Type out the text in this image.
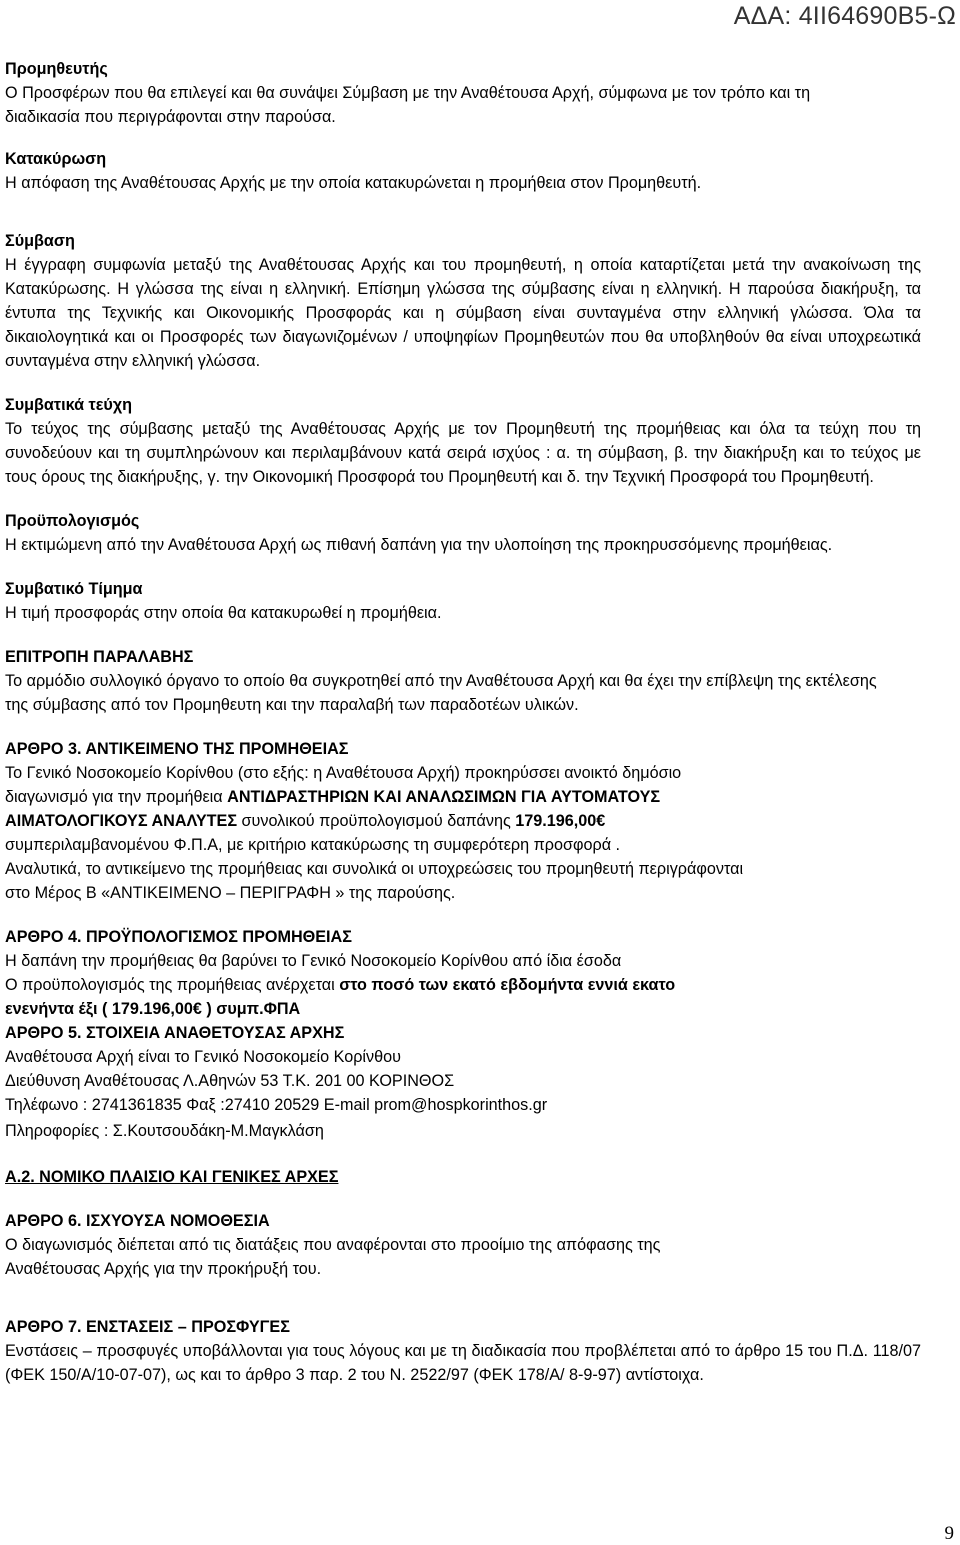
ΑΔΑ: 4ΙΙ64690Β5-Ω

Προμηθευτής

Ο Προσφέρων που θα επιλεγεί και θα συνάψει Σύμβαση με την Αναθέτουσα Αρχή, σύμφωνα με τον τρόπο και τη διαδικασία που περιγράφονται στην παρούσα.

Κατακύρωση

Η απόφαση της Αναθέτουσας Αρχής με την οποία κατακυρώνεται η προμήθεια στον Προμηθευτή.

Σύμβαση

Η έγγραφη συμφωνία μεταξύ της Αναθέτουσας Αρχής και του προμηθευτή, η οποία καταρτίζεται μετά την ανακοίνωση της Κατακύρωσης. Η γλώσσα της είναι η ελληνική. Επίσημη γλώσσα της σύμβασης είναι η ελληνική. Η παρούσα διακήρυξη, τα έντυπα της Τεχνικής και Οικονομικής Προσφοράς και η σύμβαση είναι συνταγμένα στην ελληνική γλώσσα. Όλα τα δικαιολογητικά και οι Προσφορές των διαγωνιζομένων / υποψηφίων Προμηθευτών που θα υποβληθούν θα είναι υποχρεωτικά συνταγμένα στην ελληνική γλώσσα.

Συμβατικά τεύχη

Το τεύχος της σύμβασης μεταξύ της Αναθέτουσας Αρχής με τον Προμηθευτή της προμήθειας και όλα τα τεύχη που τη συνοδεύουν και τη συμπληρώνουν και περιλαμβάνουν κατά σειρά ισχύος : α. τη σύμβαση, β. την διακήρυξη και το τεύχος με τους όρους της διακήρυξης, γ. την Οικονομική Προσφορά του Προμηθευτή και δ. την Τεχνική Προσφορά του Προμηθευτή.

Προϋπολογισμός

Η εκτιμώμενη από την Αναθέτουσα Αρχή ως πιθανή δαπάνη για την υλοποίηση της προκηρυσσόμενης προμήθειας.

Συμβατικό Τίμημα

Η τιμή προσφοράς στην οποία θα κατακυρωθεί η προμήθεια.

ΕΠΙΤΡΟΠΗ ΠΑΡΑΛΑΒΗΣ

Το αρμόδιο συλλογικό όργανο το οποίο θα συγκροτηθεί από την Αναθέτουσα Αρχή και θα έχει την επίβλεψη της εκτέλεσης της σύμβασης από τον Προμηθευτη και την παραλαβή των παραδοτέων υλικών.

ΑΡΘΡΟ 3. ΑΝΤΙΚΕΙΜΕΝΟ ΤΗΣ ΠΡΟΜΗΘΕΙΑΣ

Το Γενικό Νοσοκομείο Κορίνθου (στο εξής: η Αναθέτουσα Αρχή) προκηρύσσει ανοικτό δημόσιο

διαγωνισμό για την προμήθεια ΑΝΤΙΔΡΑΣΤΗΡΙΩΝ ΚΑΙ ΑΝΑΛΩΣΙΜΩΝ ΓΙΑ ΑΥΤΟΜΑΤΟΥΣ

ΑΙΜΑΤΟΛΟΓΙΚΟΥΣ ΑΝΑΛΥΤΕΣ συνολικού προϋπολογισμού δαπάνης 179.196,00€

συμπεριλαμβανομένου Φ.Π.Α, με κριτήριο κατακύρωσης τη συμφερότερη προσφορά .

Αναλυτικά, το αντικείμενο της προμήθειας και συνολικά οι υποχρεώσεις του προμηθευτή περιγράφονται

στο Μέρος Β «ΑΝΤΙΚΕΙΜΕΝΟ – ΠΕΡΙΓΡΑΦΗ » της παρούσης.

ΑΡΘΡΟ 4. ΠΡΟΫΠΟΛΟΓΙΣΜΟΣ ΠΡΟΜΗΘΕΙΑΣ

Η δαπάνη την προμήθειας θα βαρύνει το Γενικό Νοσοκομείο Κορίνθου από ίδια έσοδα

Ο προϋπολογισμός της προμήθειας ανέρχεται στο ποσό των εκατό εβδομήντα εννιά εκατο

ενενήντα έξι ( 179.196,00€ ) συμπ.ΦΠΑ

ΑΡΘΡΟ 5. ΣΤΟΙΧΕΙΑ ΑΝΑΘΕΤΟΥΣΑΣ ΑΡΧΗΣ

Αναθέτουσα Αρχή είναι το Γενικό Νοσοκομείο Κορίνθου

Διεύθυνση Αναθέτουσας Λ.Αθηνών 53 Τ.Κ. 201 00 ΚΟΡΙΝΘΟΣ

Τηλέφωνο : 2741361835 Φαξ :27410 20529 E-mail prom@hospkorinthos.gr

Πληροφορίες : Σ.Κουτσουδάκη-Μ.Μαγκλάση

Α.2. ΝΟΜΙΚΟ ΠΛΑΙΣΙΟ ΚΑΙ ΓΕΝΙΚΕΣ ΑΡΧΕΣ

ΑΡΘΡΟ 6. ΙΣΧΥΟΥΣΑ ΝΟΜΟΘΕΣΙΑ

Ο διαγωνισμός διέπεται από τις διατάξεις που αναφέρονται στο προοίμιο της απόφασης της

Αναθέτουσας Αρχής για την προκήρυξή του.

ΑΡΘΡΟ 7. ΕΝΣΤΑΣΕΙΣ – ΠΡΟΣΦΥΓΕΣ

Ενστάσεις – προσφυγές υποβάλλονται για τους λόγους και με τη διαδικασία που προβλέπεται από το άρθρο 15 του Π.Δ. 118/07 (ΦΕΚ 150/Α/10-07-07), ως και το άρθρο 3 παρ. 2 του Ν. 2522/97 (ΦΕΚ 178/Α/ 8-9-97) αντίστοιχα.

9
